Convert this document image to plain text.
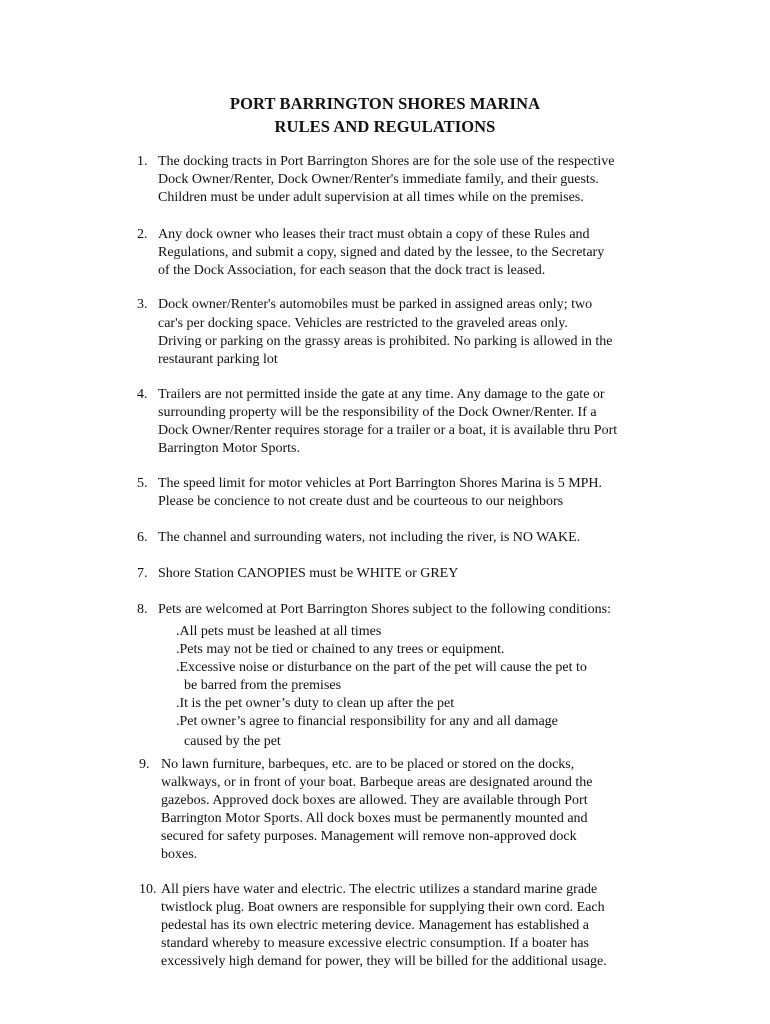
PORT BARRINGTON SHORES MARINA
RULES AND REGULATIONS
1. The docking tracts in Port Barrington Shores are for the sole use of the respective
Dock Owner/Renter, Dock Owner/Renter's immediate family, and their guests.
Children must be under adult supervision at all times while on the premises.
2. Any dock owner who leases their tract must obtain a copy of these Rules and
Regulations, and submit a copy, signed and dated by the lessee, to the Secretary
of the Dock Association, for each season that the dock tract is leased.
3. Dock owner/Renter's automobiles must be parked in assigned areas only; two
car's per docking space. Vehicles are restricted to the graveled areas only.
Driving or parking on the grassy areas is prohibited. No parking is allowed in the
restaurant parking lot
4. Trailers are not permitted inside the gate at any time. Any damage to the gate or
surrounding property will be the responsibility of the Dock Owner/Renter. If a
Dock Owner/Renter requires storage for a trailer or a boat, it is available thru Port
Barrington Motor Sports.
5. The speed limit for motor vehicles at Port Barrington Shores Marina is 5 MPH.
Please be concience to not create dust and be courteous to our neighbors
6. The channel and surrounding waters, not including the river, is NO WAKE.
7. Shore Station CANOPIES must be WHITE or GREY
8. Pets are welcomed at Port Barrington Shores subject to the following conditions:
.All pets must be leashed at all times
.Pets may not be tied or chained to any trees or equipment.
.Excessive noise or disturbance on the part of the pet will cause the pet to
be barred from the premises
.It is the pet owner’s duty to clean up after the pet
.Pet owner’s agree to financial responsibility for any and all damage
caused by the pet
9. No lawn furniture, barbeques, etc. are to be placed or stored on the docks,
walkways, or in front of your boat. Barbeque areas are designated around the
gazebos. Approved dock boxes are allowed. They are available through Port
Barrington Motor Sports. All dock boxes must be permanently mounted and
secured for safety purposes. Management will remove non-approved dock
boxes.
10. All piers have water and electric. The electric utilizes a standard marine grade
twistlock plug. Boat owners are responsible for supplying their own cord. Each
pedestal has its own electric metering device. Management has established a
standard whereby to measure excessive electric consumption. If a boater has
excessively high demand for power, they will be billed for the additional usage.
